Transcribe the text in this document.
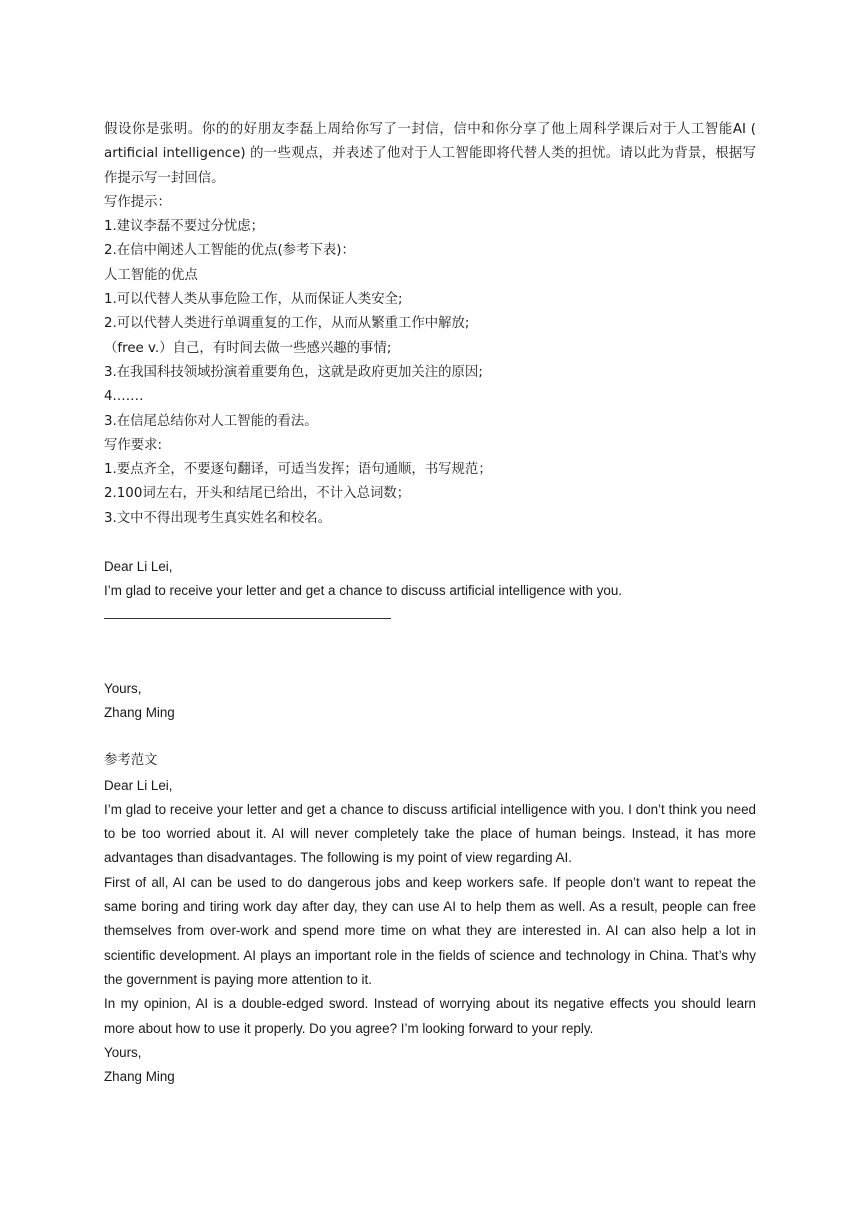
假设你是张明。你的的好朋友李磊上周给你写了一封信，信中和你分享了他上周科学课后对于人工智能AI ( artificial intelligence) 的一些观点，并表述了他对于人工智能即将代替人类的担忧。请以此为背景，根据写作提示写一封回信。

写作提示：

1.建议李磊不要过分忧虑；

2.在信中阐述人工智能的优点(参考下表)：

人工智能的优点

1.可以代替人类从事危险工作，从而保证人类安全;

2.可以代替人类进行单调重复的工作，从而从繁重工作中解放;

（free v.）自己，有时间去做一些感兴趣的事情;

3.在我国科技领域扮演着重要角色，这就是政府更加关注的原因;

4.……

3.在信尾总结你对人工智能的看法。

写作要求:

1.要点齐全，不要逐句翻译，可适当发挥；语句通顺，书写规范；

2.100词左右，开头和结尾已给出，不计入总词数；

3.文中不得出现考生真实姓名和校名。

Dear Li Lei,

I’m glad to receive your letter and get a chance to discuss artificial intelligence with you.

Yours,

Zhang Ming

参考范文

Dear Li Lei,

I’m glad to receive your letter and get a chance to discuss artificial intelligence with you. I don’t think you need to be too worried about it. AI will never completely take the place of human beings. Instead, it has more advantages than disadvantages. The following is my point of view regarding AI.

First of all, AI can be used to do dangerous jobs and keep workers safe. If people don’t want to repeat the same boring and tiring work day after day, they can use AI to help them as well. As a result, people can free themselves from over-work and spend more time on what they are interested in. AI can also help a lot in scientific development. AI plays an important role in the fields of science and technology in China. That’s why the government is paying more attention to it.

In my opinion, AI is a double-edged sword. Instead of worrying about its negative effects you should learn more about how to use it properly. Do you agree? I’m looking forward to your reply.

Yours,

Zhang Ming
